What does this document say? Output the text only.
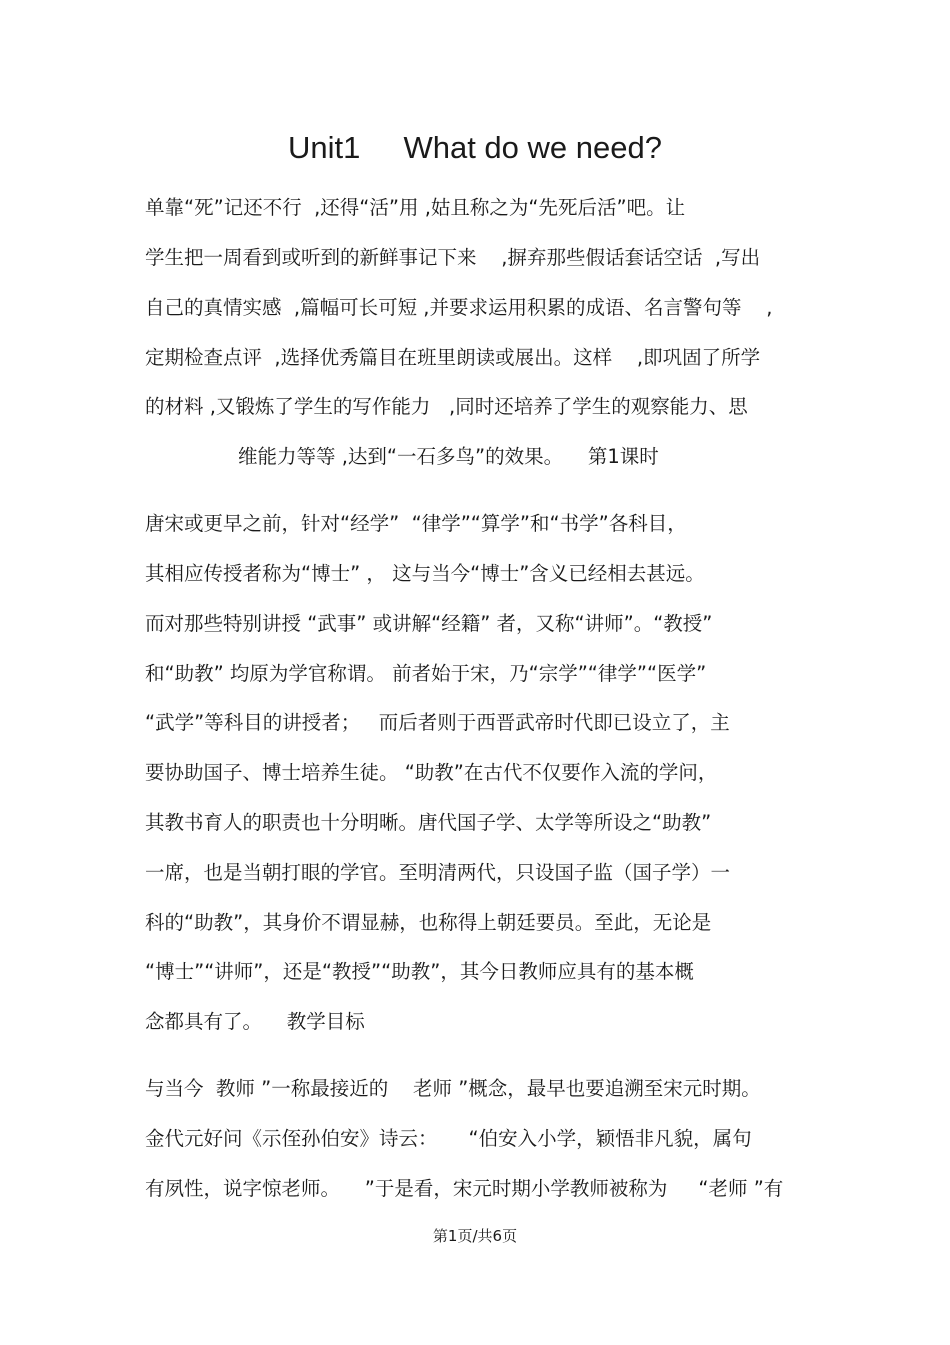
Unit1     What do we need?
单靠“死”记还不行  ,还得“活”用 ,姑且称之为“先死后活”吧。让
学生把一周看到或听到的新鲜事记下来    ,摒弃那些假话套话空话  ,写出
自己的真情实感  ,篇幅可长可短 ,并要求运用积累的成语、名言警句等    ,
定期检查点评  ,选择优秀篇目在班里朗读或展出。这样    ,即巩固了所学
的材料 ,又锻炼了学生的写作能力   ,同时还培养了学生的观察能力、思
维能力等等 ,达到“一石多鸟”的效果。    第1课时
唐宋或更早之前，针对“经学”  “律学”“算学”和“书学”各科目，
其相应传授者称为“博士” ， 这与当今“博士”含义已经相去甚远。
而对那些特别讲授 “武事” 或讲解“经籍” 者，又称“讲师”。“教授”
和“助教” 均原为学官称谓。 前者始于宋，乃“宗学”“律学”“医学”
“武学”等科目的讲授者；   而后者则于西晋武帝时代即已设立了，主
要协助国子、博士培养生徒。 “助教”在古代不仅要作入流的学问，
其教书育人的职责也十分明晰。唐代国子学、太学等所设之“助教”
一席，也是当朝打眼的学官。至明清两代，只设国子监（国子学）一
科的“助教”，其身价不谓显赫，也称得上朝廷要员。至此，无论是
“博士”“讲师”，还是“教授”“助教”，其今日教师应具有的基本概
念都具有了。    教学目标
与当今  教师 ”一称最接近的    老师 ”概念，最早也要追溯至宋元时期。
金代元好问《示侄孙伯安》诗云：     “伯安入小学，颖悟非凡貌，属句
有夙性，说字惊老师。    ”于是看，宋元时期小学教师被称为     “老师 ”有
第1页/共6页
